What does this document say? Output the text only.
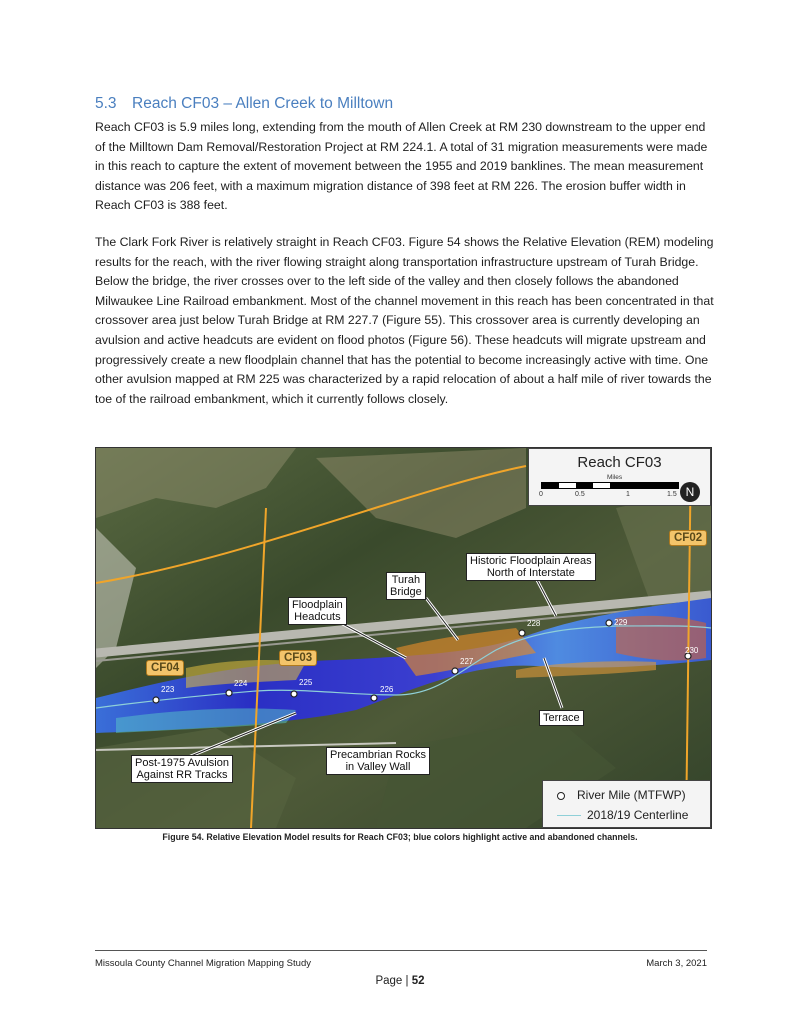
5.3 Reach CF03 – Allen Creek to Milltown

Reach CF03 is 5.9 miles long, extending from the mouth of Allen Creek at RM 230 downstream to the upper end of the Milltown Dam Removal/Restoration Project at RM 224.1. A total of 31 migration measurements were made in this reach to capture the extent of movement between the 1955 and 2019 banklines. The mean measurement distance was 206 feet, with a maximum migration distance of 398 feet at RM 226. The erosion buffer width in Reach CF03 is 388 feet.

The Clark Fork River is relatively straight in Reach CF03. Figure 54 shows the Relative Elevation (REM) modeling results for the reach, with the river flowing straight along transportation infrastructure upstream of Turah Bridge. Below the bridge, the river crosses over to the left side of the valley and then closely follows the abandoned Milwaukee Line Railroad embankment. Most of the channel movement in this reach has been concentrated in that crossover area just below Turah Bridge at RM 227.7 (Figure 55). This crossover area is currently developing an avulsion and active headcuts are evident on flood photos (Figure 56). These headcuts will migrate upstream and progressively create a new floodplain channel that has the potential to become increasingly active with time. One other avulsion mapped at RM 225 was characterized by a rapid relocation of about a half mile of river towards the toe of the railroad embankment, which it currently follows closely.

223
224	225
226
227
228	229
230
Reach CF03
Miles
0	0.5	1	1.5 N
CF02
CF03
CF04
Historic Floodplain Areas
North of Interstate
Turah
Bridge
Floodplain
Headcuts
Terrace
Post-1975 Avulsion
Against RR Tracks
Precambrian Rocks
in Valley Wall
River Mile (MTFWP)
2018/19 Centerline
Figure 54. Relative Elevation Model results for Reach CF03; blue colors highlight active and abandoned channels.
Missoula County Channel Migration Mapping Study	March 3, 2021
Page | 52
